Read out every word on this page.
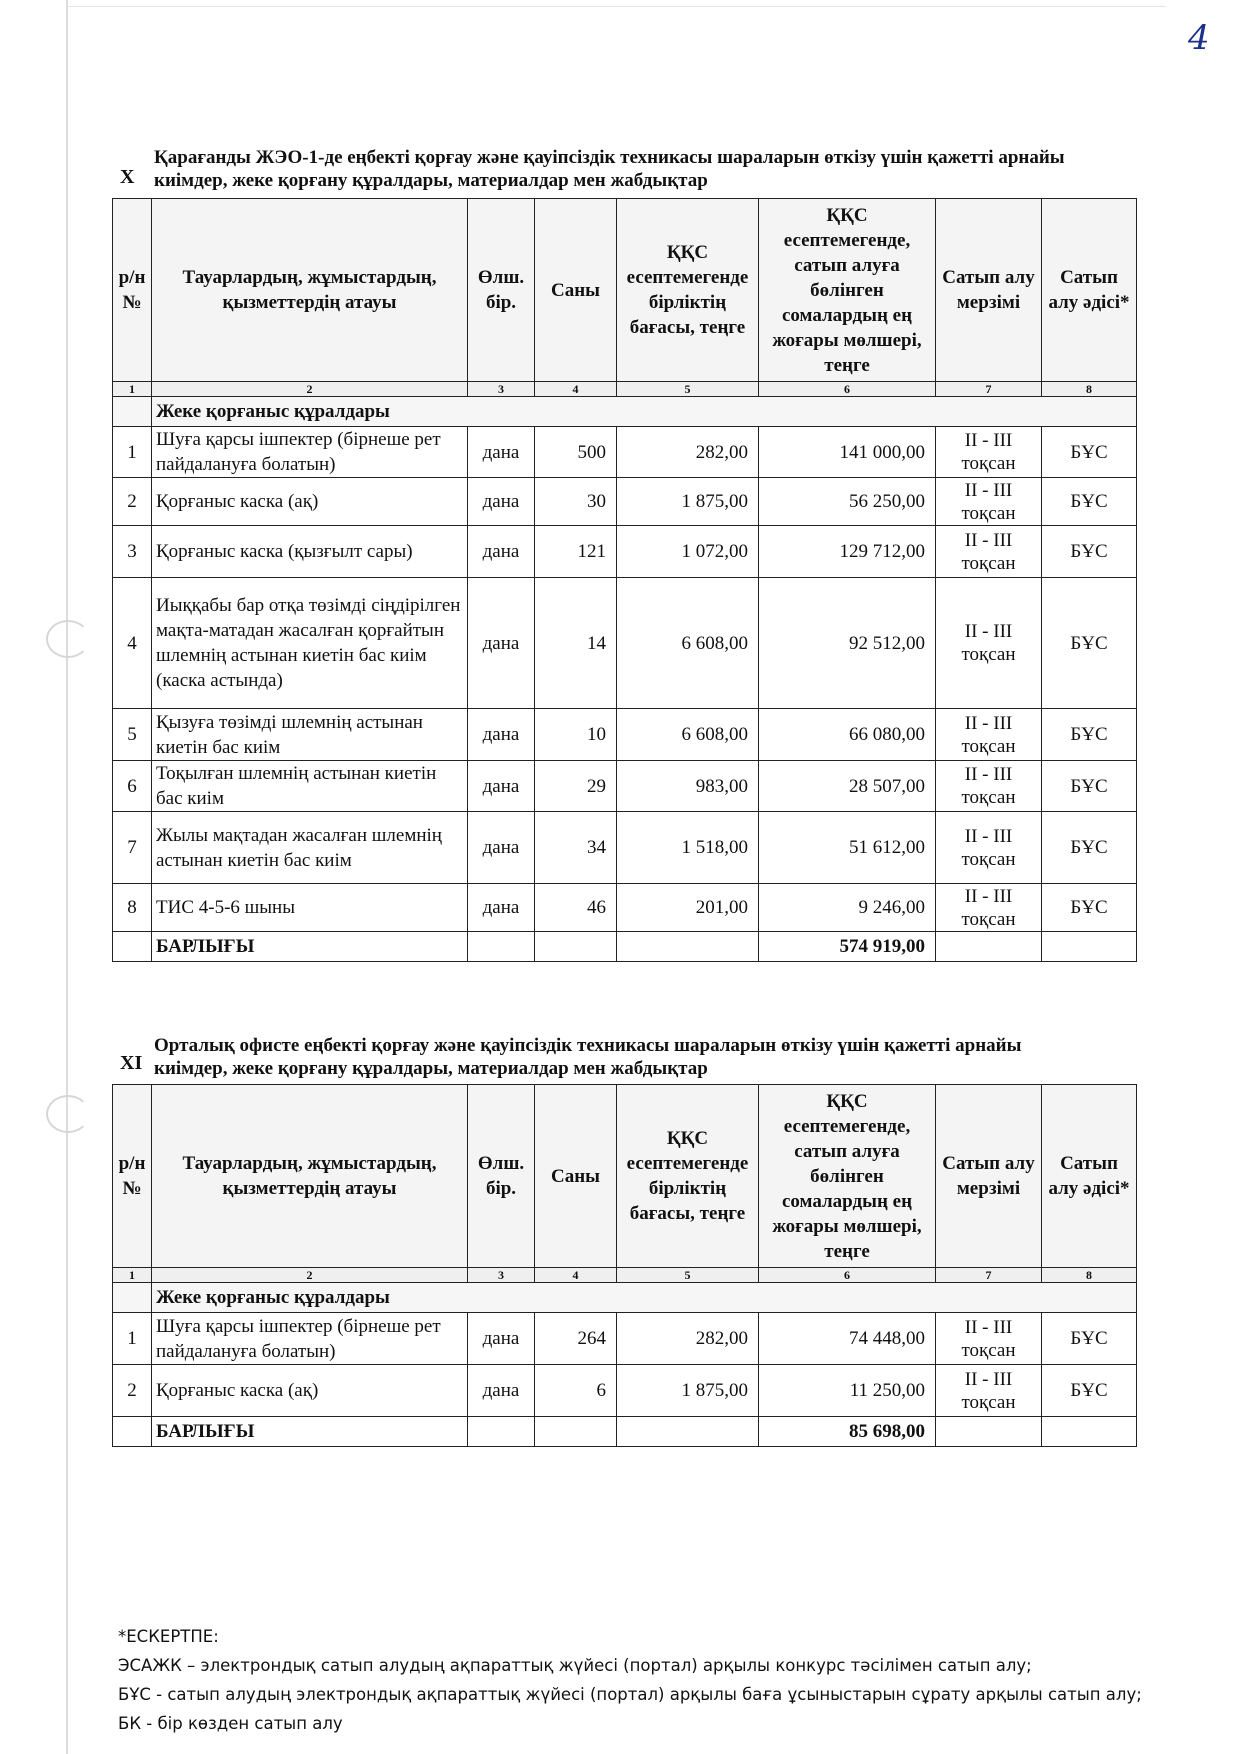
4
X
Қарағанды ЖЭО-1-де еңбекті қорғау және қауіпсіздік техникасы шараларын өткізу үшін қажетті арнайы киімдер, жеке қорғану құралдары, материалдар мен жабдықтар
р/н №	Тауарлардың, жұмыстардың, қызметтердің атауы	Өлш. бір.	Саны	ҚҚС есептемегенде бірліктің бағасы, теңге	ҚҚС есептемегенде, сатып алуға бөлінген сомалардың ең жоғары мөлшері, теңге	Сатып алу мерзімі	Сатып алу әдісі*
1	2	3	4	5	6	7	8
	Жеке қорғаныс құралдары						
1	Шуға қарсы ішпектер (бірнеше рет пайдалануға болатын)	дана	500	282,00	141 000,00	II - III тоқсан	БҰС
2	Қорғаныс каска (ақ)	дана	30	1 875,00	56 250,00	II - III тоқсан	БҰС
3	Қорғаныс каска (қызғылт сары)	дана	121	1 072,00	129 712,00	II - III тоқсан	БҰС
4	Иыққабы бар отқа төзімді сіңдірілген мақта-матадан жасалған қорғайтын шлемнің астынан киетін бас киім (каска астында)	дана	14	6 608,00	92 512,00	II - III тоқсан	БҰС
5	Қызуға төзімді шлемнің астынан киетін бас киім	дана	10	6 608,00	66 080,00	II - III тоқсан	БҰС
6	Тоқылған шлемнің астынан киетін бас киім	дана	29	983,00	28 507,00	II - III тоқсан	БҰС
7	Жылы мақтадан жасалған шлемнің астынан киетін бас киім	дана	34	1 518,00	51 612,00	II - III тоқсан	БҰС
8	ТИС 4-5-6 шыны	дана	46	201,00	9 246,00	II - III тоқсан	БҰС
	БАРЛЫҒЫ				574 919,00		
XI
Орталық офисте еңбекті қорғау және қауіпсіздік техникасы шараларын өткізу үшін қажетті арнайы киімдер, жеке қорғану құралдары, материалдар мен жабдықтар
р/н №	Тауарлардың, жұмыстардың, қызметтердің атауы	Өлш. бір.	Саны	ҚҚС есептемегенде бірліктің бағасы, теңге	ҚҚС есептемегенде, сатып алуға бөлінген сомалардың ең жоғары мөлшері, теңге	Сатып алу мерзімі	Сатып алу әдісі*
1	2	3	4	5	6	7	8
	Жеке қорғаныс құралдары						
1	Шуға қарсы ішпектер (бірнеше рет пайдалануға болатын)	дана	264	282,00	74 448,00	II - III тоқсан	БҰС
2	Қорғаныс каска (ақ)	дана	6	1 875,00	11 250,00	II - III тоқсан	БҰС
	БАРЛЫҒЫ				85 698,00		
*ЕСКЕРТПЕ:
ЭСАЖК – электрондық сатып алудың ақпараттық жүйесі (портал) арқылы конкурс тәсілімен сатып алу;
БҰС - сатып алудың электрондық ақпараттық жүйесі (портал) арқылы баға ұсыныстарын сұрату арқылы сатып алу;
БК - бір көзден сатып алу
